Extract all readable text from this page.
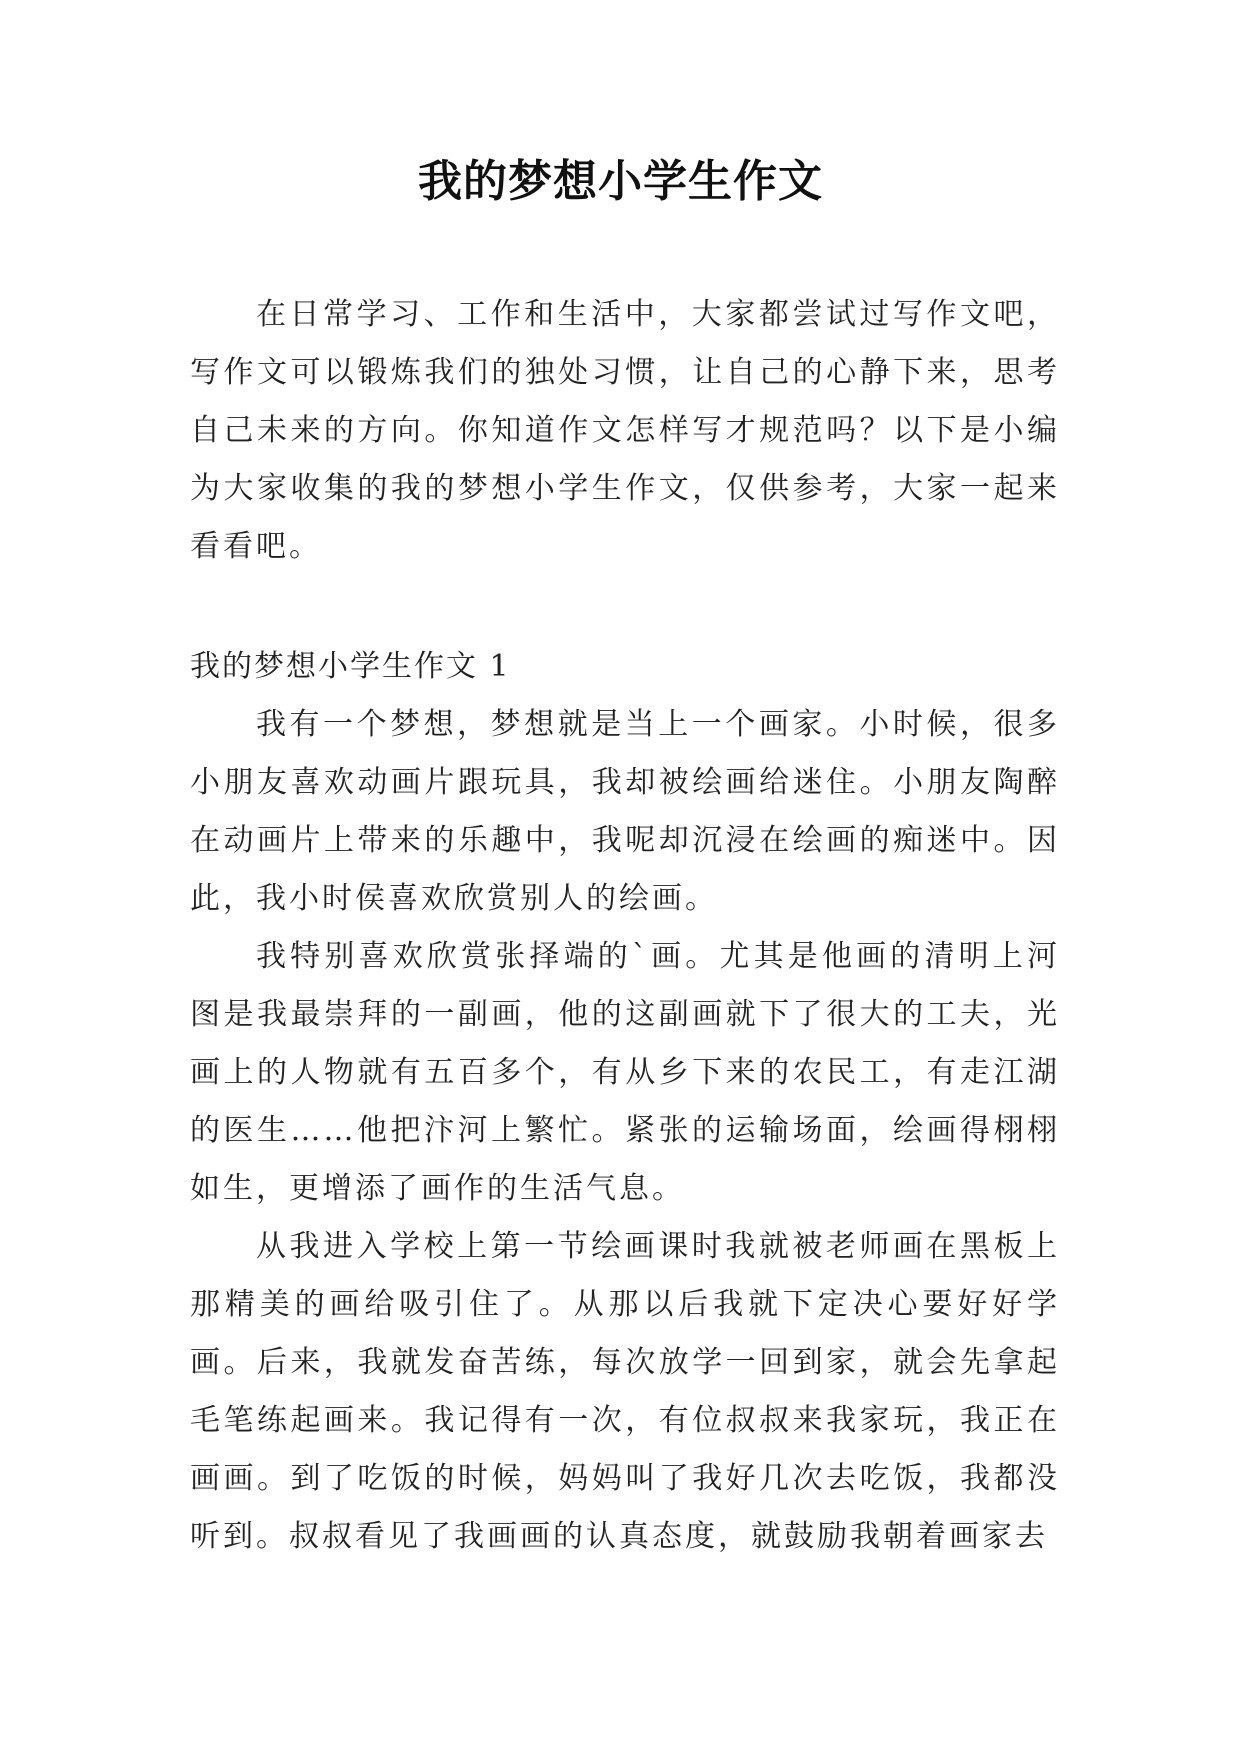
我的梦想小学生作文

在日常学习、工作和生活中，大家都尝试过写作文吧，写作文可以锻炼我们的独处习惯，让自己的心静下来，思考自己未来的方向。你知道作文怎样写才规范吗？以下是小编为大家收集的我的梦想小学生作文，仅供参考，大家一起来看看吧。

我的梦想小学生作文 1

我有一个梦想，梦想就是当上一个画家。小时候，很多小朋友喜欢动画片跟玩具，我却被绘画给迷住。小朋友陶醉在动画片上带来的乐趣中，我呢却沉浸在绘画的痴迷中。因此，我小时侯喜欢欣赏别人的绘画。

我特别喜欢欣赏张择端的`画。尤其是他画的清明上河图是我最崇拜的一副画，他的这副画就下了很大的工夫，光画上的人物就有五百多个，有从乡下来的农民工，有走江湖的医生……他把汴河上繁忙。紧张的运输场面，绘画得栩栩如生，更增添了画作的生活气息。

从我进入学校上第一节绘画课时我就被老师画在黑板上那精美的画给吸引住了。从那以后我就下定决心要好好学画。后来，我就发奋苦练，每次放学一回到家，就会先拿起毛笔练起画来。我记得有一次，有位叔叔来我家玩，我正在画画。到了吃饭的时候，妈妈叫了我好几次去吃饭，我都没听到。叔叔看见了我画画的认真态度，就鼓励我朝着画家去
